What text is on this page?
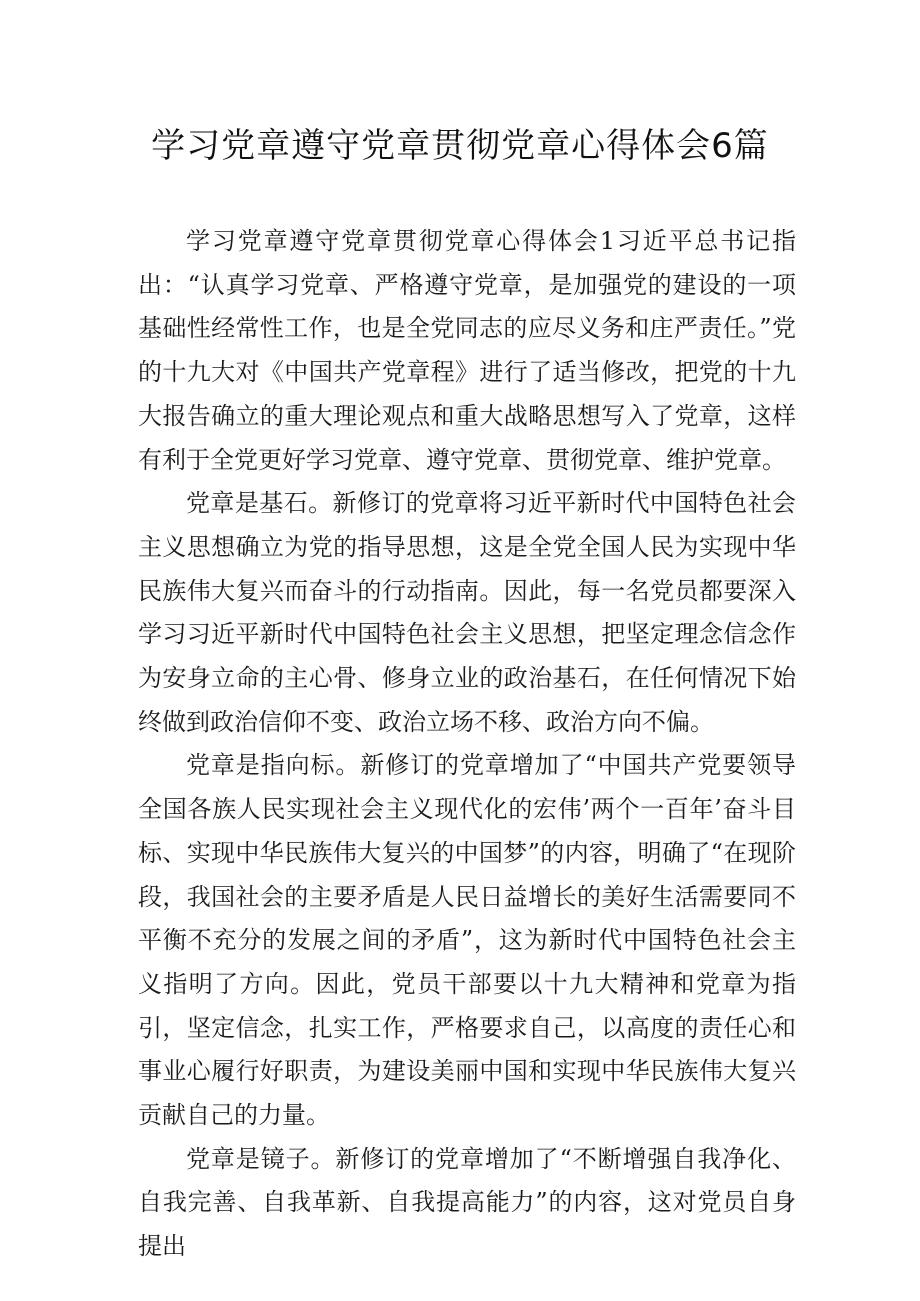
学习党章遵守党章贯彻党章心得体会6篇

学习党章遵守党章贯彻党章心得体会1习近平总书记指出：“认真学习党章、严格遵守党章，是加强党的建设的一项基础性经常性工作，也是全党同志的应尽义务和庄严责任。”党的十九大对《中国共产党章程》进行了适当修改，把党的十九大报告确立的重大理论观点和重大战略思想写入了党章，这样有利于全党更好学习党章、遵守党章、贯彻党章、维护党章。

党章是基石。新修订的党章将习近平新时代中国特色社会主义思想确立为党的指导思想，这是全党全国人民为实现中华民族伟大复兴而奋斗的行动指南。因此，每一名党员都要深入学习习近平新时代中国特色社会主义思想，把坚定理念信念作为安身立命的主心骨、修身立业的政治基石，在任何情况下始终做到政治信仰不变、政治立场不移、政治方向不偏。

党章是指向标。新修订的党章增加了“中国共产党要领导全国各族人民实现社会主义现代化的宏伟’两个一百年’奋斗目标、实现中华民族伟大复兴的中国梦”的内容，明确了“在现阶段，我国社会的主要矛盾是人民日益增长的美好生活需要同不平衡不充分的发展之间的矛盾”，这为新时代中国特色社会主义指明了方向。因此，党员干部要以十九大精神和党章为指引，坚定信念，扎实工作，严格要求自己，以高度的责任心和事业心履行好职责，为建设美丽中国和实现中华民族伟大复兴贡献自己的力量。

党章是镜子。新修订的党章增加了“不断增强自我净化、自我完善、自我革新、自我提高能力”的内容，这对党员自身提出
